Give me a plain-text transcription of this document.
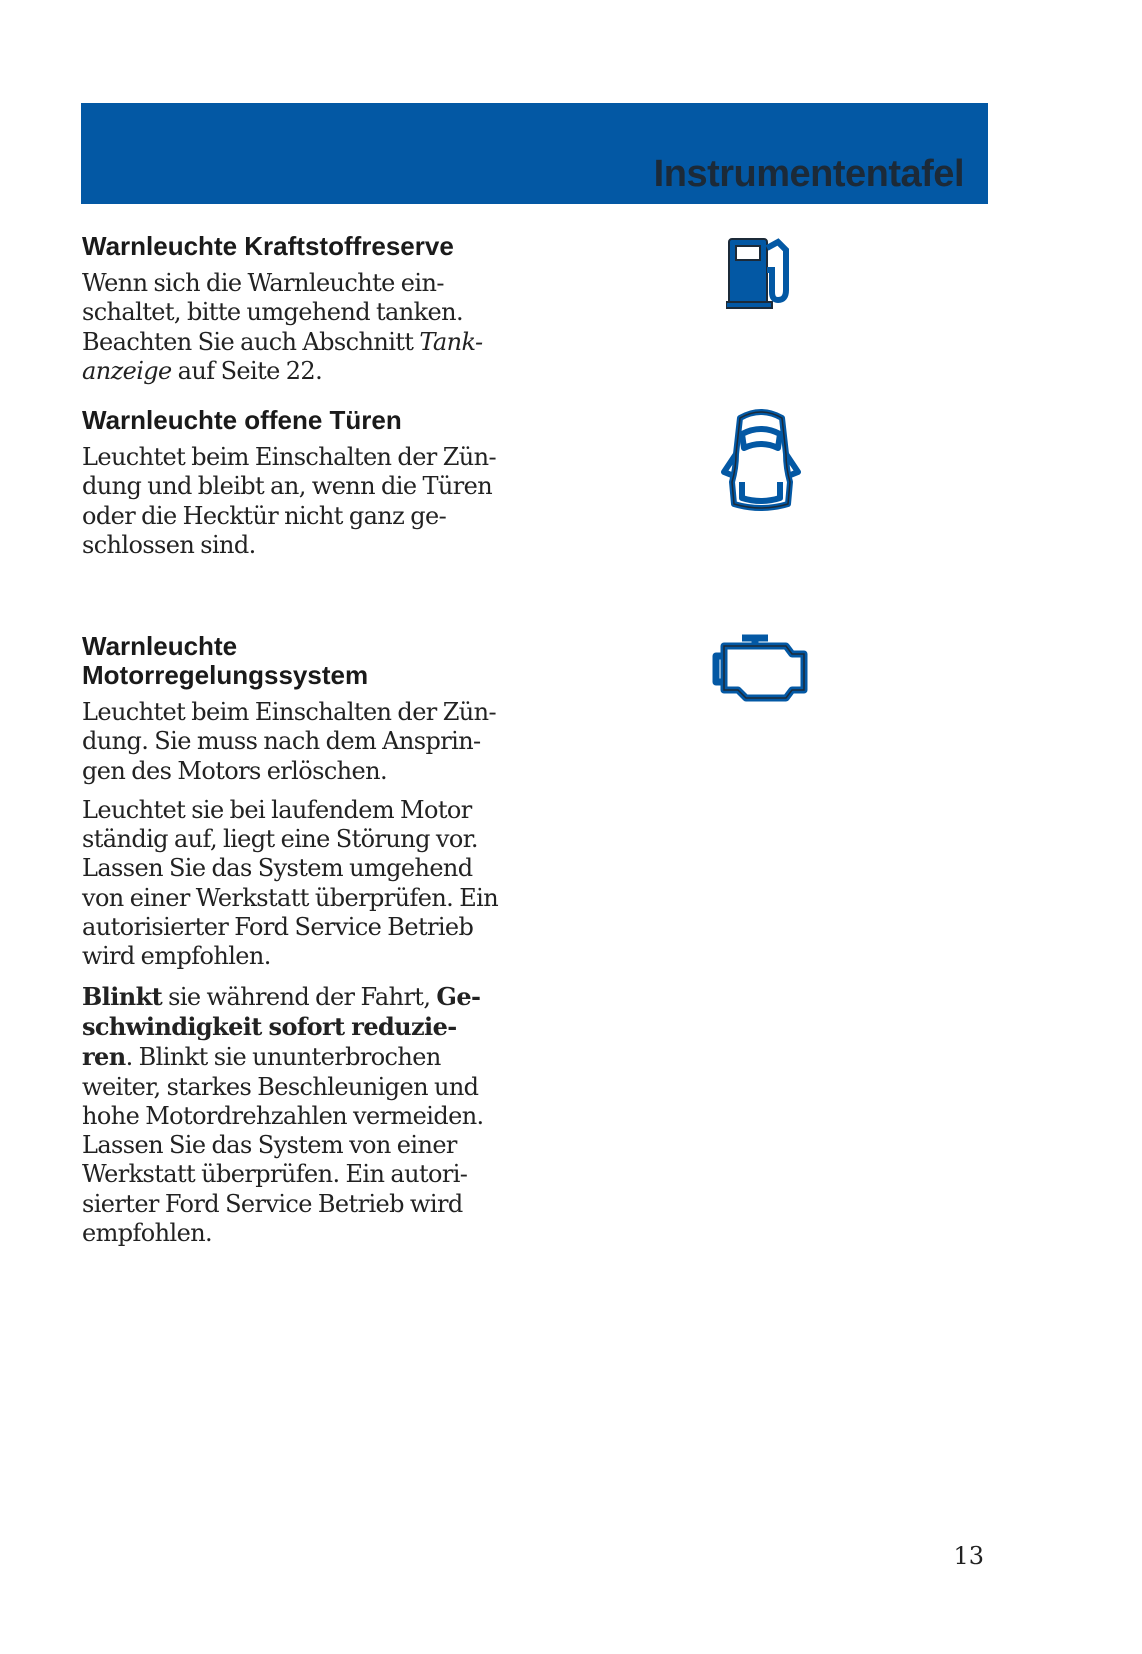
Instrumententafel
Warnleuchte Kraftstoffreserve
Wenn sich die Warnleuchte ein-
schaltet, bitte umgehend tanken.
Beachten Sie auch Abschnitt Tank-
anzeige auf Seite 22.
Warnleuchte offene Türen
Leuchtet beim Einschalten der Zün-
dung und bleibt an, wenn die Türen
oder die Hecktür nicht ganz ge-
schlossen sind.
Warnleuchte
Motorregelungssystem
Leuchtet beim Einschalten der Zün-
dung. Sie muss nach dem Ansprin-
gen des Motors erlöschen.
Leuchtet sie bei laufendem Motor
ständig auf, liegt eine Störung vor.
Lassen Sie das System umgehend
von einer Werkstatt überprüfen. Ein
autorisierter Ford Service Betrieb
wird empfohlen.
Blinkt sie während der Fahrt, Ge-
schwindigkeit sofort reduzie-
ren. Blinkt sie ununterbrochen
weiter, starkes Beschleunigen und
hohe Motordrehzahlen vermeiden.
Lassen Sie das System von einer
Werkstatt überprüfen. Ein autori-
sierter Ford Service Betrieb wird
empfohlen.
13
